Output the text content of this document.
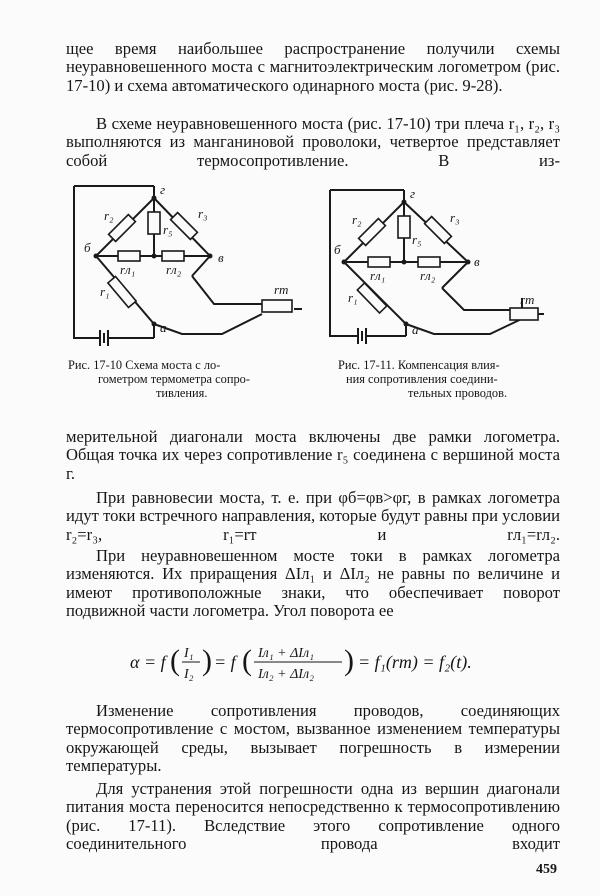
щее время наибольшее распространение получили схемы неуравновешенного моста с магнитоэлектрическим логометром (рис. 17-10) и схема автоматического одинарного моста (рис. 9-28).

В схеме неуравновешенного моста (рис. 17-10) три плеча r₁, r₂, r₃ выполняются из манганиновой проволоки, четвертое представляет собой термосопротивление. В из-

г
б
в
а
r₂	r₃
r₅
rл₁ rл₂
r₁	rт
г
б
в
а
r₂	r₃
r₅
rл₁	rл₂
r₁	rт
Рис. 17-10 Схема моста с ло-
гометром термометра сопро-
тивления.
Рис. 17-11. Компенсация влия-
ния сопротивления соедини-
тельных проводов.

мерительной диагонали моста включены две рамки логометра. Общая точка их через сопротивление r₅ соединена с вершиной моста г.

При равновесии моста, т. е. при φб=φв>φг, в рамках логометра идут токи встречного направления, которые будут равны при условии r₂=r₃, r₁=rт и rл₁=rл₂.

При неуравновешенном мосте токи в рамках логометра изменяются. Их приращения ΔIл₁ и ΔIл₂ не равны по величине и имеют противоположные знаки, что обеспечивает поворот подвижной части логометра. Угол поворота ее

α = f ( I₁
I₂ ) = f ( Iл₁ + ΔIл₁
Iл₂ + ΔIл₂ ) = f₁(rт) = f₂(t).

Изменение сопротивления проводов, соединяющих термосопротивление с мостом, вызванное изменением температуры окружающей среды, вызывает погрешность в измерении температуры.

Для устранения этой погрешности одна из вершин диагонали питания моста переносится непосредственно к термосопротивлению (рис. 17-11). Вследствие этого сопротивление одного соединительного провода входит

459
